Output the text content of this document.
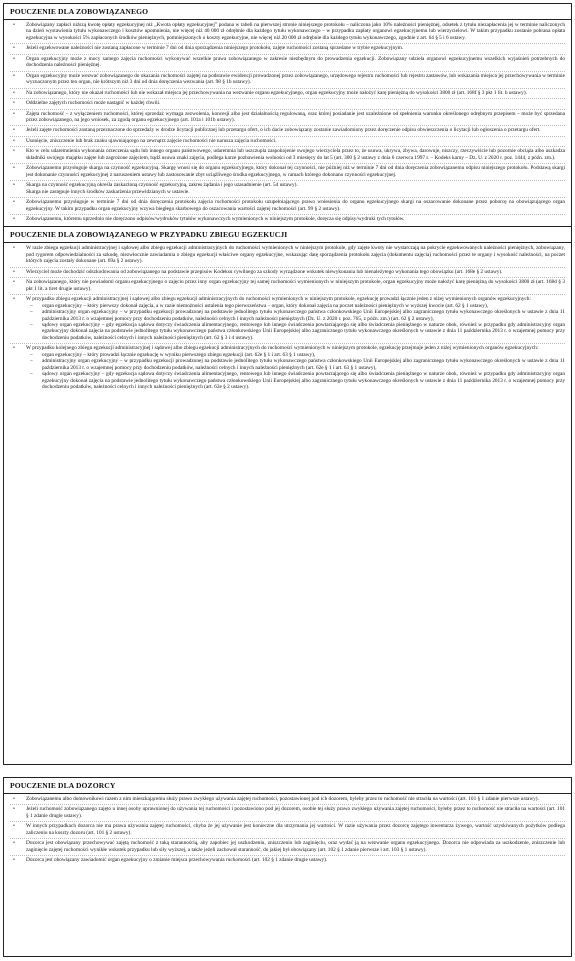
POUCZENIE DLA ZOBOWIĄZANEGO
• Zobowiązany zapłaci niższą kwotę opłaty egzekucyjnej niż „Kwota opłaty egzekucyjnej” podana w tabeli na pierwszej stronie niniejszego protokołu – naliczona jako 10% należności pieniężnej, odsetek z tytułu niezapłacenia jej w terminie naliczonych na dzień wystawienia tytułu wykonawczego i kosztów upomnienia, nie więcej niż 40 000 zł odrębnie dla każdego tytułu wykonawczego – w przypadku zapłaty organowi egzekucyjnemu lub wierzycielowi. W takim przypadku zostanie pobrana opłata egzekucyjna w wysokości 5% zapłaconych środków pieniężnych, pomniejszonych o koszty egzekucyjne, nie więcej niż 20 000 zł odrębnie dla każdego tytułu wykonawczego, zgodnie z art. 64 § 5 i 6 ustawy.
• Jeżeli egzekwowane należności nie zostaną zapłacone w terminie 7 dni od dnia sporządzenia niniejszego protokołu, zajęte ruchomości zostaną sprzedane w trybie egzekucyjnym.
• Organ egzekucyjny może z mocy samego zajęcia ruchomości wykonywać wszelkie prawa zobowiązanego w zakresie niezbędnym do prowadzenia egzekucji. Zobowiązany udziela organowi egzekucyjnemu wszelkich wyjaśnień potrzebnych do dochodzenia należności pieniężnej.
• Organ egzekucyjny może wezwać zobowiązanego do okazania ruchomości zajętej na podstawie ewidencji prowadzonej przez zobowiązanego, urzędowego rejestru ruchomości lub rejestru zastawów, lub wskazania miejsca jej przechowywania w terminie wyznaczonym przez ten organ, nie krótszym niż 3 dni od dnia doręczenia wezwania (art. 98 § 1b ustawy).
• Na zobowiązanego, który nie okazał ruchomości lub nie wskazał miejsca jej przechowywania na wezwanie organu egzekucyjnego, organ egzekucyjny może nałożyć karę pieniężną do wysokości 3800 zł (art. 168f § 3 pkt 1 lit. b ustawy).
• Oddzielne zajętych ruchomości może nastąpić w każdej chwili.
• Zajęta ruchomość – z wyłączeniem ruchomości, której sprzedaż wymaga zezwolenia, koncesji albo jest działalnością regulowaną, oraz której posiadanie jest uzależnione od spełnienia warunku określonego odrębnym przepisem – może być sprzedana przez zobowiązanego, na jego wniosek, za zgodą organu egzekucyjnego (art. 101a i 101b ustawy).
• Jeżeli zajęte ruchomości zostaną przeznaczone do sprzedaży w drodze licytacji publicznej lub przetargu ofert, o ich dacie zobowiązany zostanie zawiadomiony przez doręczenie odpisu obwieszczenia o licytacji lub ogłoszenia o przetargu ofert.
• Usunięcie, zniszczenie lub brak znaku ujawniającego na zewnątrz zajęcie ruchomości nie narusza zajęcia ruchomości.
• Kto w celu udaremnienia wykonania orzeczenia sądu lub innego organu państwowego, udaremnia lub uszczupla zaspokojenie swojego wierzyciela przez to, że usuwa, ukrywa, zbywa, darowuje, niszczy, rzeczywiście lub pozornie obciąża albo uszkadza składniki swojego majątku zajęte lub zagrożone zajęciem, bądź usuwa znaki zajęcia, podlega karze pozbawienia wolności od 3 miesięcy do lat 5 (art. 300 § 2 ustawy z dnia 6 czerwca 1997 r. – Kodeks karny – Dz. U. z 2020 r. poz. 1444, z późn. zm.).
• Zobowiązanemu przysługuje skarga na czynność egzekucyjną. Skargę wnosi się do organu egzekucyjnego, który dokonał tej czynności, nie później niż w terminie 7 dni od dnia doręczenia zobowiązanemu odpisu niniejszego protokołu. Podstawą skargi jest dokonanie czynności egzekucyjnej z naruszeniem ustawy lub zastosowanie zbyt uciążliwego środka egzekucyjnego, w ramach którego dokonano czynności egzekucyjnej.
• Skarga na czynność egzekucyjną określa zaskarżoną czynność egzekucyjną, zakres żądania i jego uzasadnienie (art. 54 ustawy).
Skarga nie zastępuje innych środków zaskarżenia przewidzianych w ustawie.
• Zobowiązanemu przysługuje w terminie 7 dni od dnia doręczenia protokołu zajęcia ruchomości protokołu uzupełniającego prawo wniesienia do organu egzekucyjnego skargi na oszacowanie dokonane przez poborcę na obowiązującego organ egzekucyjny. W takim przypadku organ egzekucyjny wzywa biegłego skarbowego do oszacowania wartości zajętej ruchomości (art. 99 § 2 ustawy).
• Zobowiązanemu, któremu uprzednio nie doręczono odpisów/wydruków tytułów wykonawczych wymienionych w niniejszym protokole, doręcza się odpisy/wydruki tych tytułów.
POUCZENIE DLA ZOBOWIĄZANEGO W PRZYPADKU ZBIEGU EGZEKUCJI
• W razie zbiegu egzekucji administracyjnej i sądowej albo zbiegu egzekucji administracyjnych do ruchomości wymienionych w niniejszym protokole, gdy zajęte kwoty nie wystarczają na pokrycie egzekwowanych należności pieniężnych, zobowiązany, pod rygorem odpowiedzialności za szkodę, niezwłocznie zawiadamia o zbiegu egzekucji właściwe organy egzekucyjne, wskazując datę sporządzenia protokołu zajęcia (dokumentu zajęcia) ruchomości przez te organy i wysokość należności, na poczet których zajęcia zostały dokonane (art. 69a § 2 ustawy).
• Wierzyciel może dochodzić odszkodowania od zobowiązanego na podstawie przepisów Kodeksu cywilnego za szkody wyrządzone wskutek niewykonania lub nienależytego wykonania tego obowiązku (art. 168e § 2 ustawy).
• Na zobowiązanego, który nie powiadomi organu egzekucyjnego o zajęciu przez inny organ egzekucyjny tej samej ruchomości wymienionych w niniejszym protokole, organ egzekucyjny może nałożyć karę pieniężną do wysokości 3800 zł (art. 168d § 3 pkt 1 lit. a tiret drugie ustawy).
• W przypadku zbiegu egzekucji administracyjnej i sądowej albo zbiegu egzekucji administracyjnych do ruchomości wymienionych w niniejszym protokole, egzekucję prowadzi łącznie jeden z niżej wymienionych organów egzekucyjnych:
– organ egzekucyjny – który pierwszy dokonał zajęcia, a w razie niemożności ustalenia tego pierwszeństwa – organ, który dokonał zajęcia na poczet należności pieniężnych w wyższej kwocie (art. 62 § 1 ustawy),
– administracyjny organ egzekucyjny – w przypadku egzekucji prowadzonej na podstawie jednolitego tytułu wykonawczego państwa członkowskiego Unii Europejskiej albo zagranicznego tytułu wykonawczego określonych w ustawie z dnia 11 października 2013 r. o wzajemnej pomocy przy dochodzeniu podatków, należności celnych i innych należności pieniężnych (Dz. U. z 2020 r. poz. 765, z późn. zm.) (art. 62 § 2 ustawy),
– sądowy organ egzekucyjny – gdy egzekucja sądowa dotyczy świadczenia alimentacyjnego, rentowego lub innego świadczenia powtarzającego się albo świadczenia pieniężnego w naturze obok, również w przypadku gdy administracyjny organ egzekucyjny dokonał zajęcia na podstawie jednolitego tytułu wykonawczego państwa członkowskiego Unii Europejskiej albo zagranicznego tytułu wykonawczego określonych w ustawie z dnia 11 października 2013 r. o wzajemnej pomocy przy dochodzeniu podatków, należności celnych i innych należności pieniężnych (art. 62 § 3 i 4 ustawy).
• W przypadku kolejnego zbiegu egzekucji administracyjnej i sądowej albo zbiegu egzekucji administracyjnych do ruchomości wymienionych w niniejszym protokole, egzekucję przejmuje jeden z niżej wymienionych organów egzekucyjnych:
– organ egzekucyjny – który prowadzi łącznie egzekucję w wyniku pierwszego zbiegu egzekucji (art. 62e § 1 i art. 63 § 1 ustawy),
– administracyjny organ egzekucyjny – w przypadku egzekucji prowadzonej na podstawie jednolitego tytułu wykonawczego państwa członkowskiego Unii Europejskiej albo zagranicznego tytułu wykonawczego określonych w ustawie z dnia 11 października 2013 r. o wzajemnej pomocy przy dochodzeniu podatków, należności celnych i innych należności pieniężnych (art. 62e § 1 i art. 63 § 1 ustawy),
– sądowy organ egzekucyjny – gdy egzekucja sądowa dotyczy świadczenia alimentacyjnego, rentowego lub innego świadczenia powtarzającego się albo świadczenia pieniężnego w naturze obok, również w przypadku gdy administracyjny organ egzekucyjny dokonał zajęcia na podstawie jednolitego tytułu wykonawczego państwa członkowskiego Unii Europejskiej albo zagranicznego tytułu wykonawczego określonych w ustawie z dnia 11 października 2013 r. o wzajemnej pomocy przy dochodzeniu podatków, należności celnych i innych należności pieniężnych (art. 62e § 2 ustawy).
POUCZENIE DLA DOZORCY
• Zobowiązanemu albo domownikowi razem z nim mieszkającemu służy prawo zwykłego używania zajętej ruchomości, pozostawionej pod ich dozorem, byleby przez to ruchomość nie straciła na wartości (art. 101 § 1 zdanie pierwsze ustawy).
• Jeżeli ruchomość zobowiązanego zajęto u innej osoby uprawnionej do używania tej ruchomości i pozostawiono pod jej dozorem, osobie tej służy prawo zwykłego używania zajętej ruchomości, byleby przez to ruchomość nie straciła na wartości (art. 101 § 1 zdanie drugie ustawy).
• W innych przypadkach dozorca nie ma prawa używania zajętej ruchomości, chyba że jej używanie jest konieczne dla utrzymania jej wartości. W razie używania przez dozorcę zajętego inwentarza żywego, wartość uzyskiwanych pożytków podlega zaliczeniu na koszty dozoru (art. 101 § 2 ustawy).
• Dozorca jest obowiązany przechowywać zajętą ruchomość z taką starannością, aby zapobiec jej uszkodzeniu, zniszczeniu lub zaginięciu, oraz wydać ją na wezwanie organu egzekucyjnego. Dozorca nie odpowiada za uszkodzenie, zniszczenie lub zaginięcie zajętej ruchomości wynikłe wskutek przypadku lub siły wyższej, a także jeżeli zachował staranność, do jakiej był obowiązany (art. 102 § 1 zdanie pierwsze i art. 103 § 1 ustawy).
• Dozorca jest obowiązany zawiadomić organ egzekucyjny o zmianie miejsca przechowywania ruchomości (art. 102 § 1 zdanie drugie ustawy).
